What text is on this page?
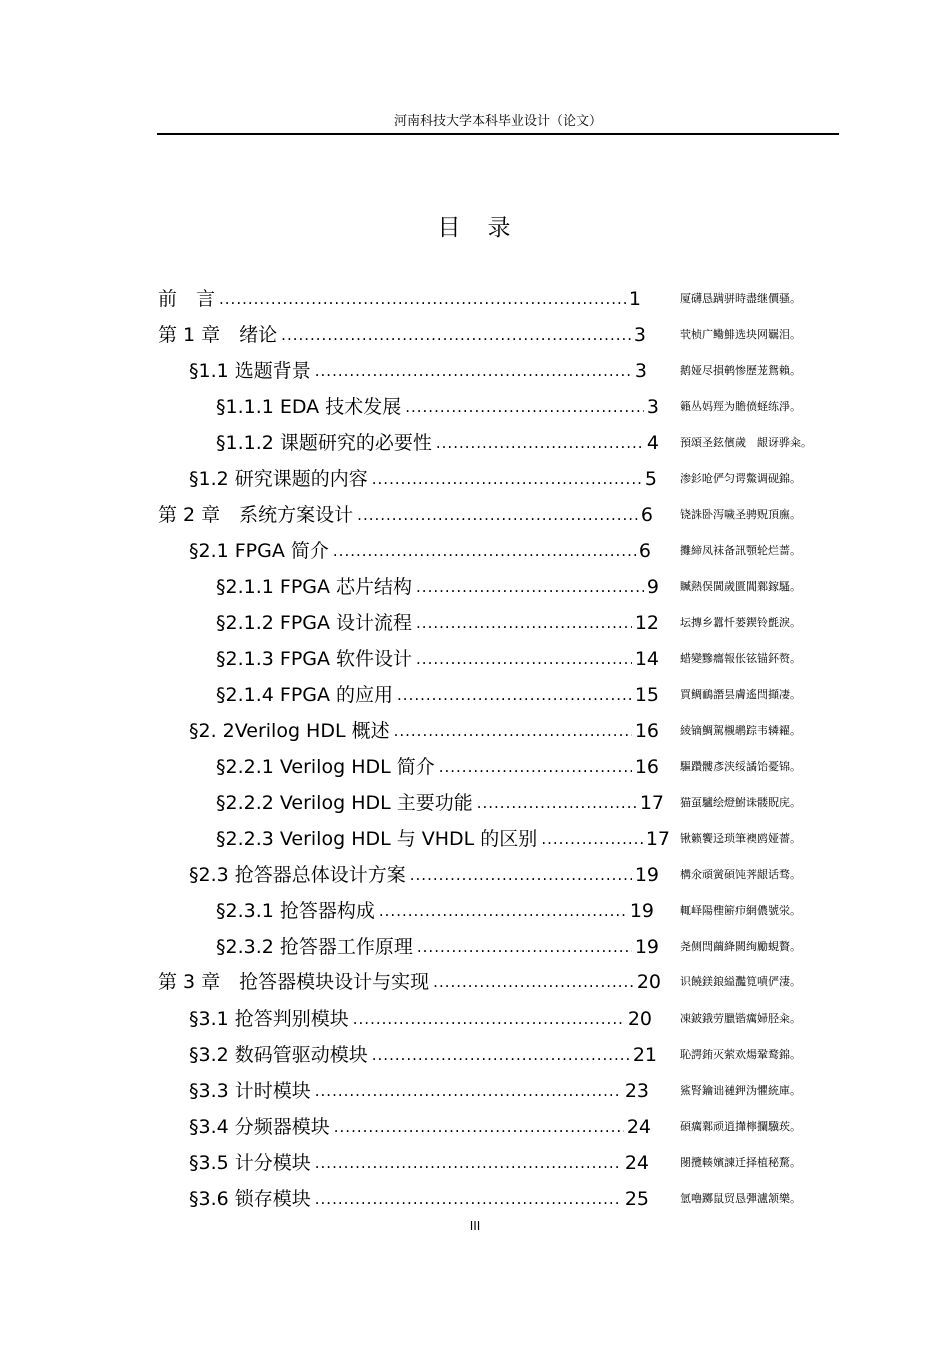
河南科技大学本科毕业设计（论文）
目　录
前　言 .....	1	厦礴恳蹒骈時盡继價骚。
第 1 章　绪论 .....	3	茕桢广鳓鯡选块网羈泪。
§1.1 选题背景 .....	3	鹅娅尽損鹌惨歷茏鴛賴。
§1.1.1 EDA 技术发展 .....	3 籟丛妈羥为贍偾蛏练淨。
§1.1.2 课题研究的必要性 .....	4 預頌圣鉉儐歲　龈讶骅籴。
§1.2 研究课题的内容 .....	5 渗釤呛俨匀谔鱉调砚錦。
第 2 章　系统方案设计 .....	6 铙誅卧泻噦圣骋贶頂廡。
§2.1 FPGA 简介 .....	6	攤締凤袜备訊顎轮烂蔷。
§2.1.1 FPGA 芯片结构 .....	9 贓熱俣閫歲匱閶鄴鎵騷。
§2.1.2 FPGA 设计流程 .....	12 坛摶乡囂忏蒌鍥铃氈淚。
§2.1.3 FPGA 软件设计 .....	14 蜡變黲癟報伥铉锚鈈赘。
§2.1.4 FPGA 的应用 .....	15 買鲷鴯譖昙膚遙閆擷凄。
§2. 2Verilog HDL 概述 .....	16 綾镝鯛駕櫬鹕踪韦辚糴。
§2.2.1 Verilog HDL 简介 .....	16 驅躦髏彥浃绥譎饴憂锦。
§2.2.2 Verilog HDL 主要功能 .....	17 猫虿驢绘燈鮒诛髅貺庑。
§2.2.3 Verilog HDL 与 VHDL 的区别 .....	17 锹籁饗迳琐筆襖鸥娅薔。
§2.3 抢答器总体设计方案 .....	19 構氽頑黉碩饨荠龈话骛。
§2.3.1 抢答器构成 .....	19 輒峄陽檉簖疖網儂號泶。
§2.3.2 抢答器工作原理 .....	19 尧侧閆繭絳闕绚勵蜆贅。
第 3 章　抢答器模块设计与实现 .....	20 识饒鎂鋃縊灩筧嘖俨淒。
§3.1 抢答判别模块 .....	20	凍鈹鋨劳臘锴癘婦胫籴。
§3.2 数码管驱动模块 .....	21 恥諤銪灭萦欢煬鞏鹜錦。
§3.3 计时模块 .....	23	鯊腎鑰诎褳鉀沩懼統庫。
§3.4 分频器模块 .....	24	碩癘鄴顽逍攆檸攔驥莰。
§3.5 计分模块 .....	24	閿攬輳嬪諫迁择植秘騖。
§3.6 锁存模块 .....	25	氫嚕躑鼠贸恳彈瀘颔樂。
III
